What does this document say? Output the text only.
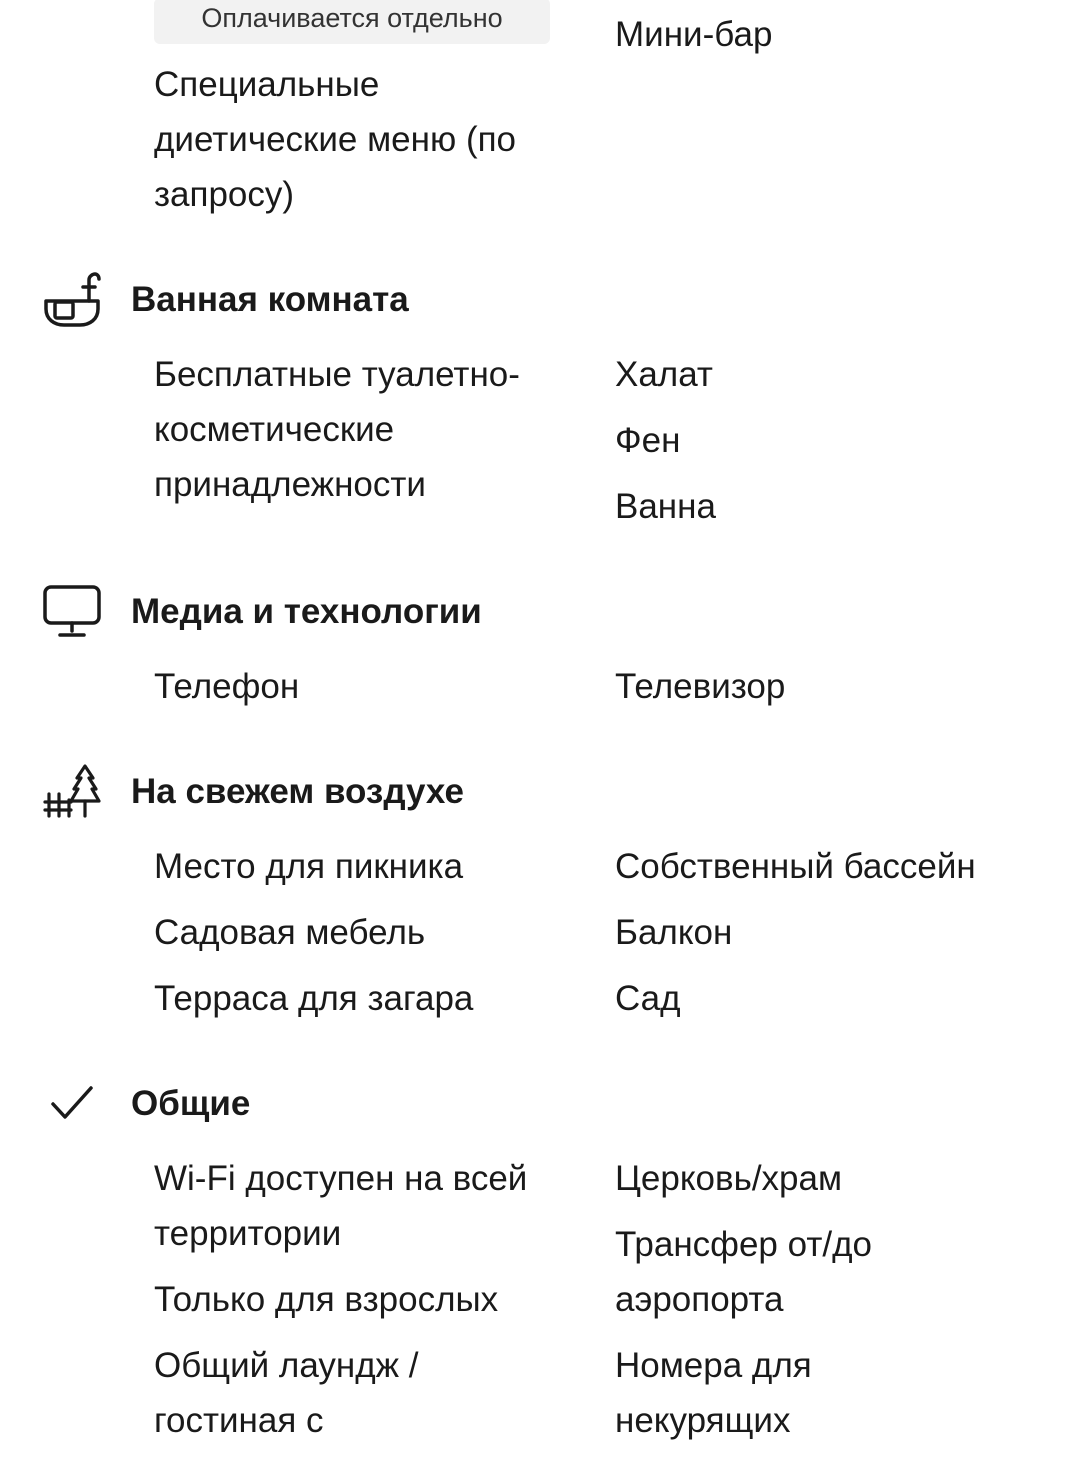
Оплачивается отдельно	Мини-бар
Специальные
диетические меню (по
запросу)
Ванная комната
Бесплатные туалетно-
косметические
принадлежности
Халат
Фен
Ванна
Медиа и технологии
Телефон	Телевизор
На свежем воздухе
Место для пикника
Садовая мебель
Терраса для загара
Собственный бассейн
Балкон
Сад
Общие
Wi-Fi доступен на всей
территории
Только для взрослых
Общий лаундж /
гостиная с
Церковь/храм
Трансфер от/до
аэропорта
Номера для
некурящих
